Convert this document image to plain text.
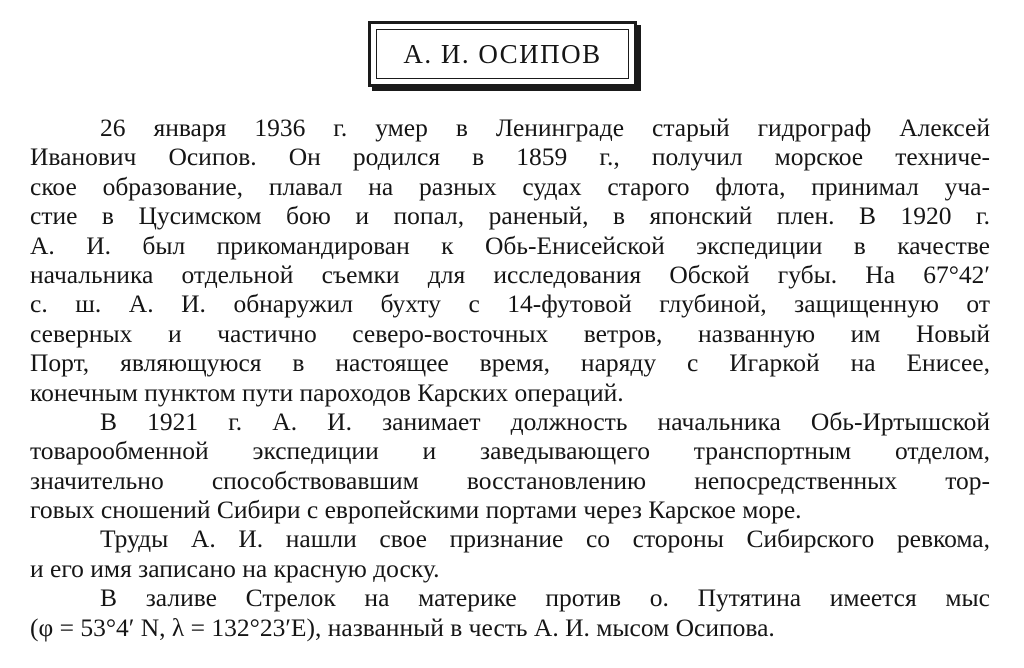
А. И. ОСИПОВ
26 января 1936 г. умер в Ленинграде старый гидрограф Алексей
Иванович Осипов. Он родился в 1859 г., получил морское техниче-
ское образование, плавал на разных судах старого флота, принимал уча-
стие в Цусимском бою и попал, раненый, в японский плен. В 1920 г.
А. И. был прикомандирован к Обь-Енисейской экспедиции в качестве
начальника отдельной съемки для исследования Обской губы. На 67°42′
с. ш. А. И. обнаружил бухту с 14-футовой глубиной, защищенную от
северных и частично северо-восточных ветров, названную им Новый
Порт, являющуюся в настоящее время, наряду с Игаркой на Енисее,
конечным пунктом пути пароходов Карских операций.
В 1921 г. А. И. занимает должность начальника Обь-Иртышской
товарообменной экспедиции и заведывающего транспортным отделом,
значительно способствовавшим восстановлению непосредственных тор-
говых сношений Сибири с европейскими портами через Карское море.
Труды А. И. нашли свое признание со стороны Сибирского ревкома,
и его имя записано на красную доску.
В заливе Стрелок на материке против о. Путятина имеется мыс
(φ = 53°4′ N, λ = 132°23′E), названный в честь А. И. мысом Осипова.
